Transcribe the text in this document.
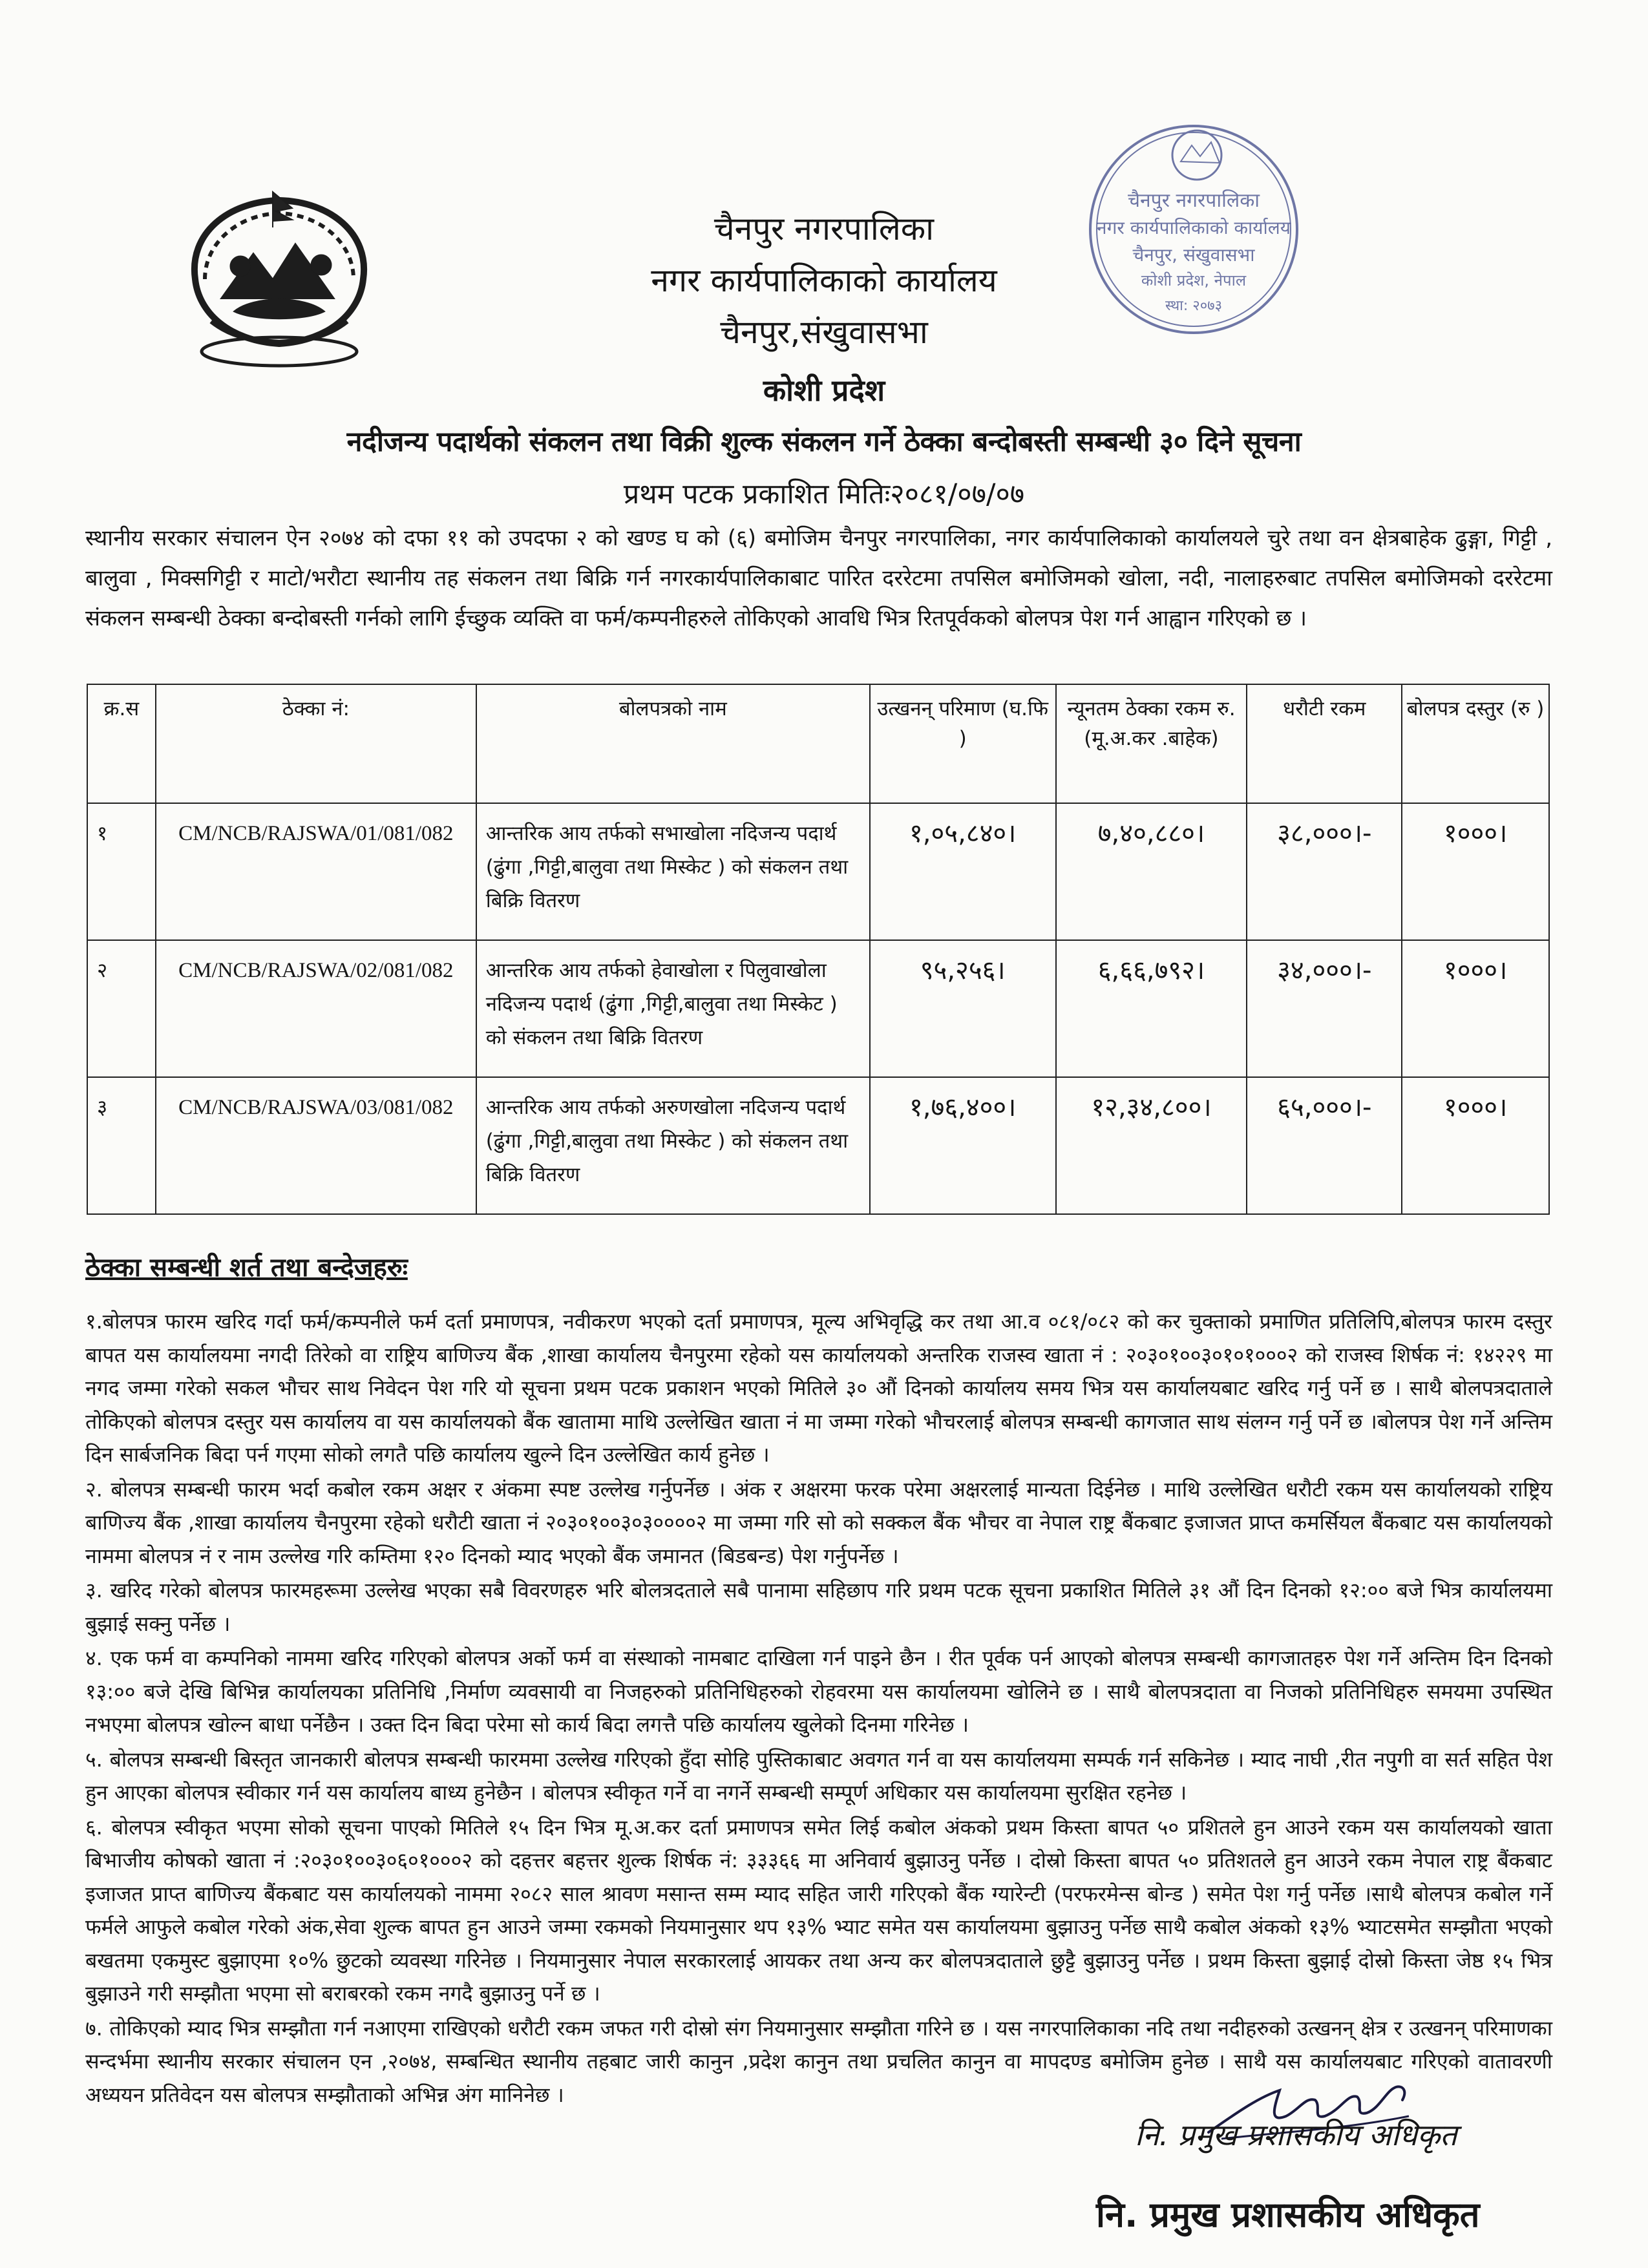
चैनपुर नगरपालिका
नगर कार्यपालिकाको कार्यालय
चैनपुर, संखुवासभा
कोशी प्रदेश, नेपाल
स्था: २०७३
चैनपुर नगरपालिका
नगर कार्यपालिकाको कार्यालय
चैनपुर,संखुवासभा
कोशी प्रदेश
नदीजन्य पदार्थको संकलन तथा विक्री शुल्क संकलन गर्ने ठेक्का बन्दोबस्ती सम्बन्धी ३० दिने सूचना
प्रथम पटक प्रकाशित मितिः२०८१/०७/०७
स्थानीय सरकार संचालन ऐन २०७४ को दफा ११ को उपदफा २ को खण्ड घ को (६) बमोजिम चैनपुर नगरपालिका, नगर कार्यपालिकाको कार्यालयले चुरे तथा वन क्षेत्रबाहेक ढुङ्गा, गिट्टी , बालुवा , मिक्सगिट्टी र माटो/भरौटा स्थानीय तह संकलन तथा बिक्रि गर्न नगरकार्यपालिकाबाट पारित दररेटमा तपसिल बमोजिमको खोला, नदी, नालाहरुबाट तपसिल बमोजिमको दररेटमा संकलन सम्बन्धी ठेक्का बन्दोबस्ती गर्नको लागि ईच्छुक व्यक्ति वा फर्म/कम्पनीहरुले तोकिएको आवधि भित्र रितपूर्वकको बोलपत्र पेश गर्न आह्वान गरिएको छ ।
क्र.स	ठेक्का नं:	बोलपत्रको नाम	उत्खनन् परिमाण (घ.फि )	न्यूनतम ठेक्का रकम रु.(मू.अ.कर .बाहेक)	धरौटी रकम	बोलपत्र दस्तुर (रु )
१	CM/NCB/RAJSWA/01/081/082	आन्तरिक आय तर्फको सभाखोला नदिजन्य पदार्थ (ढुंगा ,गिट्टी,बालुवा तथा मिस्केट ) को संकलन तथा बिक्रि वितरण	१,०५,८४०।	७,४०,८८०।	३८,०००।-	१०००।
२	CM/NCB/RAJSWA/02/081/082	आन्तरिक आय तर्फको हेवाखोला र पिलुवाखोला नदिजन्य पदार्थ (ढुंगा ,गिट्टी,बालुवा तथा मिस्केट ) को संकलन तथा बिक्रि वितरण	९५,२५६।	६,६६,७९२।	३४,०००।-	१०००।
३	CM/NCB/RAJSWA/03/081/082	आन्तरिक आय तर्फको अरुणखोला नदिजन्य पदार्थ (ढुंगा ,गिट्टी,बालुवा तथा मिस्केट ) को संकलन तथा बिक्रि वितरण	१,७६,४००।	१२,३४,८००।	६५,०००।-	१०००।
ठेक्का सम्बन्धी शर्त तथा बन्देजहरुः

१.बोलपत्र फारम खरिद गर्दा फर्म/कम्पनीले फर्म दर्ता प्रमाणपत्र, नवीकरण भएको दर्ता प्रमाणपत्र, मूल्य अभिवृद्धि कर तथा आ.व ०८१/०८२ को कर चुक्ताको प्रमाणित प्रतिलिपि,बोलपत्र फारम दस्तुर बापत यस कार्यालयमा नगदी तिरेको वा राष्ट्रिय बाणिज्य बैंक ,शाखा कार्यालय चैनपुरमा रहेको यस कार्यालयको अन्तरिक राजस्व खाता नं : २०३०१००३०१०१०००२ को राजस्व शिर्षक नं: १४२२९ मा नगद जम्मा गरेको सकल भौचर साथ निवेदन पेश गरि यो सूचना प्रथम पटक प्रकाशन भएको मितिले ३० औं दिनको कार्यालय समय भित्र यस कार्यालयबाट खरिद गर्नु पर्ने छ । साथै बोलपत्रदाताले तोकिएको बोलपत्र दस्तुर यस कार्यालय वा यस कार्यालयको बैंक खातामा माथि उल्लेखित खाता नं मा जम्मा गरेको भौचरलाई बोलपत्र सम्बन्धी कागजात साथ संलग्न गर्नु पर्ने छ ।बोलपत्र पेश गर्ने अन्तिम दिन सार्बजनिक बिदा पर्न गएमा सोको लगतै पछि कार्यालय खुल्ने दिन उल्लेखित कार्य हुनेछ ।

२. बोलपत्र सम्बन्धी फारम भर्दा कबोल रकम अक्षर र अंकमा स्पष्ट उल्लेख गर्नुपर्नेछ । अंक र अक्षरमा फरक परेमा अक्षरलाई मान्यता दिईनेछ । माथि उल्लेखित धरौटी रकम यस कार्यालयको राष्ट्रिय बाणिज्य बैंक ,शाखा कार्यालय चैनपुरमा रहेको धरौटी खाता नं २०३०१००३०३००००२ मा जम्मा गरि सो को सक्कल बैंक भौचर वा नेपाल राष्ट्र बैंकबाट इजाजत प्राप्त कमर्सियल बैंकबाट यस कार्यालयको नाममा बोलपत्र नं र नाम उल्लेख गरि कम्तिमा १२० दिनको म्याद भएको बैंक जमानत (बिडबन्ड) पेश गर्नुपर्नेछ ।

३. खरिद गरेको बोलपत्र फारमहरूमा उल्लेख भएका सबै विवरणहरु भरि बोलत्रदताले सबै पानामा सहिछाप गरि प्रथम पटक सूचना प्रकाशित मितिले ३१ औं दिन दिनको १२:०० बजे भित्र कार्यालयमा बुझाई सक्नु पर्नेछ ।

४. एक फर्म वा कम्पनिको नाममा खरिद गरिएको बोलपत्र अर्को फर्म वा संस्थाको नामबाट दाखिला गर्न पाइने छैन । रीत पूर्वक पर्न आएको बोलपत्र सम्बन्धी कागजातहरु पेश गर्ने अन्तिम दिन दिनको १३:०० बजे देखि बिभिन्न कार्यालयका प्रतिनिधि ,निर्माण व्यवसायी वा निजहरुको प्रतिनिधिहरुको रोहवरमा यस कार्यालयमा खोलिने छ । साथै बोलपत्रदाता वा निजको प्रतिनिधिहरु समयमा उपस्थित नभएमा बोलपत्र खोल्न बाधा पर्नेछैन । उक्त दिन बिदा परेमा सो कार्य बिदा लगत्तै पछि कार्यालय खुलेको दिनमा गरिनेछ ।

५. बोलपत्र सम्बन्धी बिस्तृत जानकारी बोलपत्र सम्बन्धी फारममा उल्लेख गरिएको हुँदा सोहि पुस्तिकाबाट अवगत गर्न वा यस कार्यालयमा सम्पर्क गर्न सकिनेछ । म्याद नाघी ,रीत नपुगी वा सर्त सहित पेश हुन आएका बोलपत्र स्वीकार गर्न यस कार्यालय बाध्य हुनेछैन । बोलपत्र स्वीकृत गर्ने वा नगर्ने सम्बन्धी सम्पूर्ण अधिकार यस कार्यालयमा सुरक्षित रहनेछ ।

६. बोलपत्र स्वीकृत भएमा सोको सूचना पाएको मितिले १५ दिन भित्र मू.अ.कर दर्ता प्रमाणपत्र समेत लिई कबोल अंकको प्रथम किस्ता बापत ५० प्रशितले हुन आउने रकम यस कार्यालयको खाता बिभाजीय कोषको खाता नं :२०३०१००३०६०१०००२ को दहत्तर बहत्तर शुल्क शिर्षक नं: ३३३६६ मा अनिवार्य बुझाउनु पर्नेछ । दोस्रो किस्ता बापत ५० प्रतिशतले हुन आउने रकम नेपाल राष्ट्र बैंकबाट इजाजत प्राप्त बाणिज्य बैंकबाट यस कार्यालयको नाममा २०८२ साल श्रावण मसान्त सम्म म्याद सहित जारी गरिएको बैंक ग्यारेन्टी (परफरमेन्स बोन्ड ) समेत पेश गर्नु पर्नेछ ।साथै बोलपत्र कबोल गर्ने फर्मले आफुले कबोल गरेको अंक,सेवा शुल्क बापत हुन आउने जम्मा रकमको नियमानुसार थप १३% भ्याट समेत यस कार्यालयमा बुझाउनु पर्नेछ साथै कबोल अंकको १३% भ्याटसमेत सम्झौता भएको बखतमा एकमुस्ट बुझाएमा १०% छुटको व्यवस्था गरिनेछ । नियमानुसार नेपाल सरकारलाई आयकर तथा अन्य कर बोलपत्रदाताले छुट्टै बुझाउनु पर्नेछ । प्रथम किस्ता बुझाई दोस्रो किस्ता जेष्ठ १५ भित्र बुझाउने गरी सम्झौता भएमा सो बराबरको रकम नगदै बुझाउनु पर्ने छ ।

७. तोकिएको म्याद भित्र सम्झौता गर्न नआएमा राखिएको धरौटी रकम जफत गरी दोस्रो संग नियमानुसार सम्झौता गरिने छ । यस नगरपालिकाका नदि तथा नदीहरुको उत्खनन् क्षेत्र र उत्खनन् परिमाणका सन्दर्भमा स्थानीय सरकार संचालन एन ,२०७४, सम्बन्धित स्थानीय तहबाट जारी कानुन ,प्रदेश कानुन तथा प्रचलित कानुन वा मापदण्ड बमोजिम हुनेछ । साथै यस कार्यालयबाट गरिएको वातावरणी अध्ययन प्रतिवेदन यस बोलपत्र सम्झौताको अभिन्न अंग मानिनेछ ।

नि. प्रमुख प्रशासकीय अधिकृत
नि. प्रमुख प्रशासकीय अधिकृत
